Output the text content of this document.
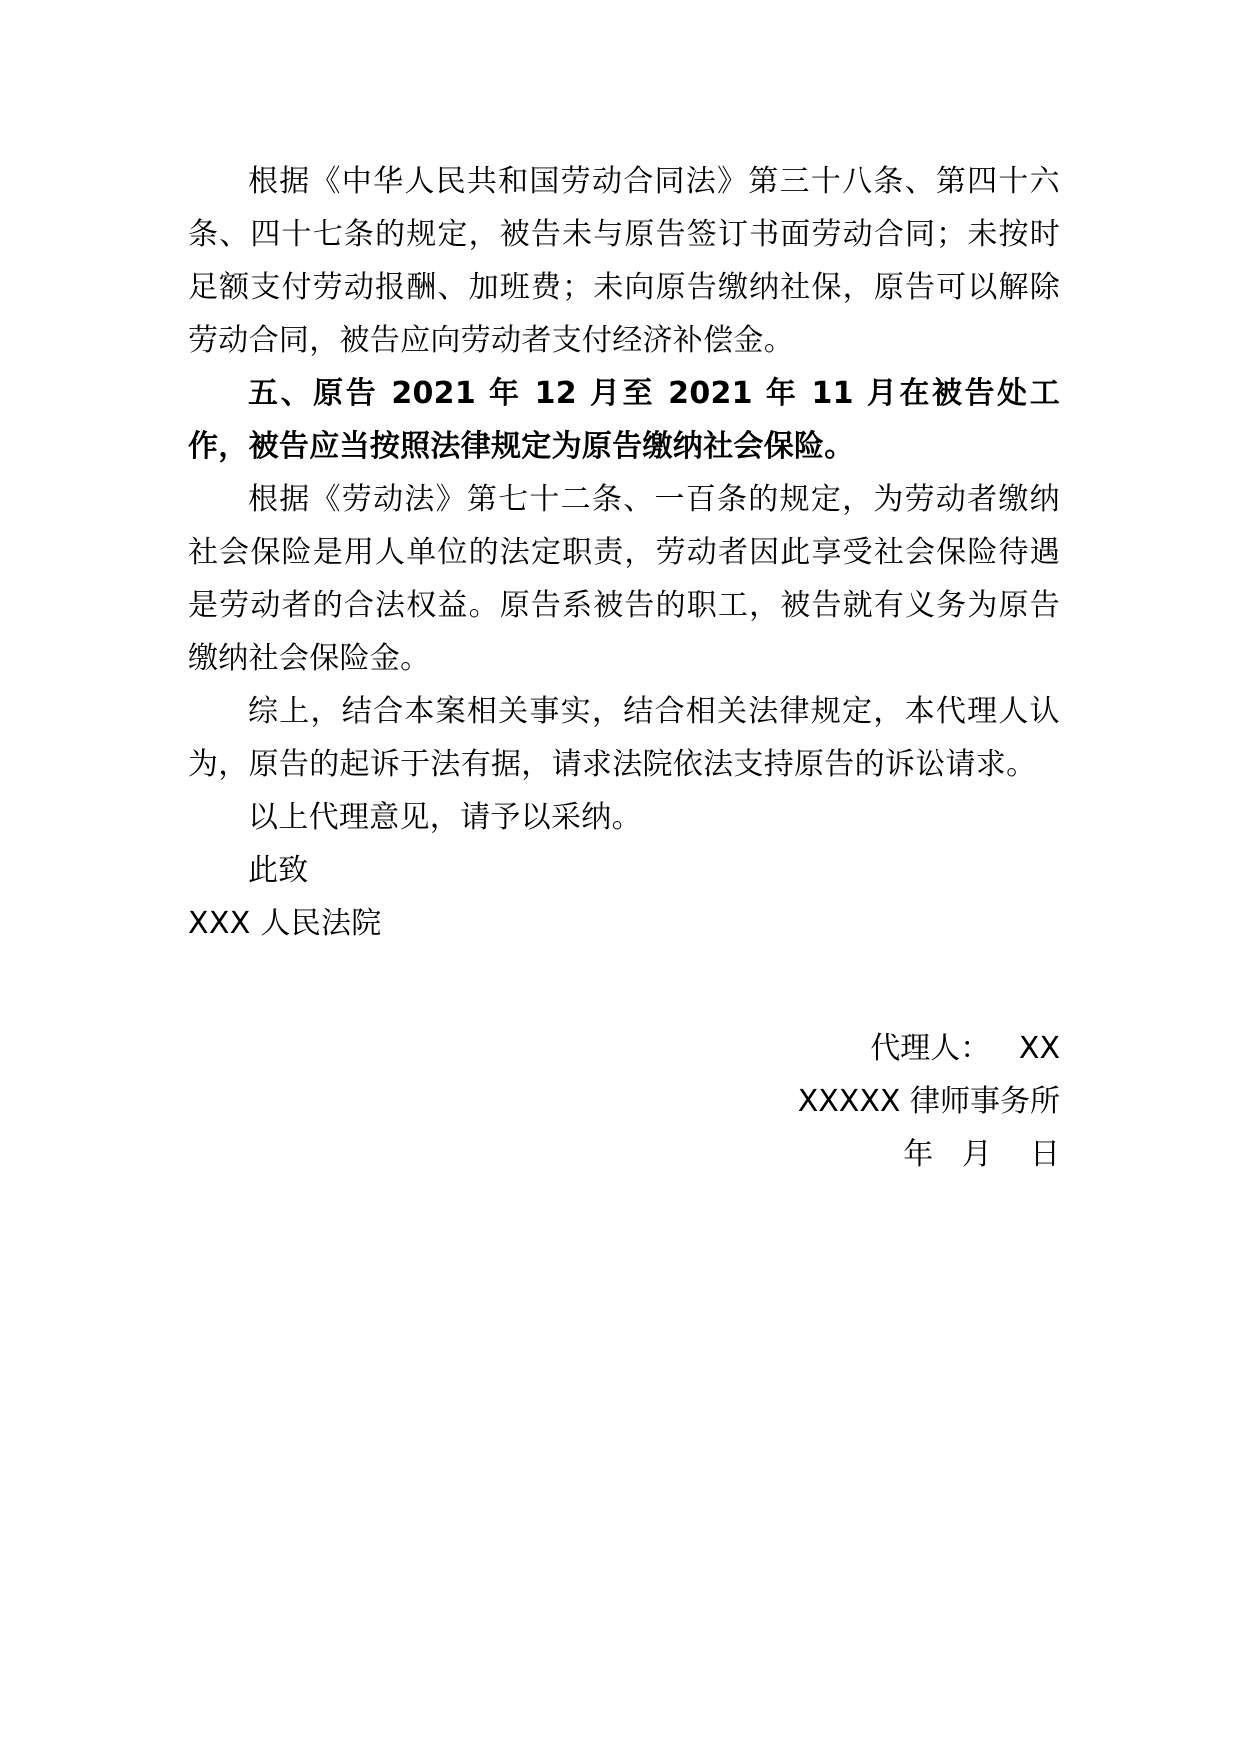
根据《中华人民共和国劳动合同法》第三十八条、第四十六条、四十七条的规定，被告未与原告签订书面劳动合同；未按时足额支付劳动报酬、加班费；未向原告缴纳社保，原告可以解除劳动合同，被告应向劳动者支付经济补偿金。

五、原告 2021 年 12 月至 2021 年 11 月在被告处工作，被告应当按照法律规定为原告缴纳社会保险。

根据《劳动法》第七十二条、一百条的规定，为劳动者缴纳社会保险是用人单位的法定职责，劳动者因此享受社会保险待遇是劳动者的合法权益。原告系被告的职工，被告就有义务为原告缴纳社会保险金。

综上，结合本案相关事实，结合相关法律规定，本代理人认为，原告的起诉于法有据，请求法院依法支持原告的诉讼请求。

以上代理意见，请予以采纳。

此致

XXX 人民法院

代理人：   XX

XXXXX 律师事务所

年   月    日
